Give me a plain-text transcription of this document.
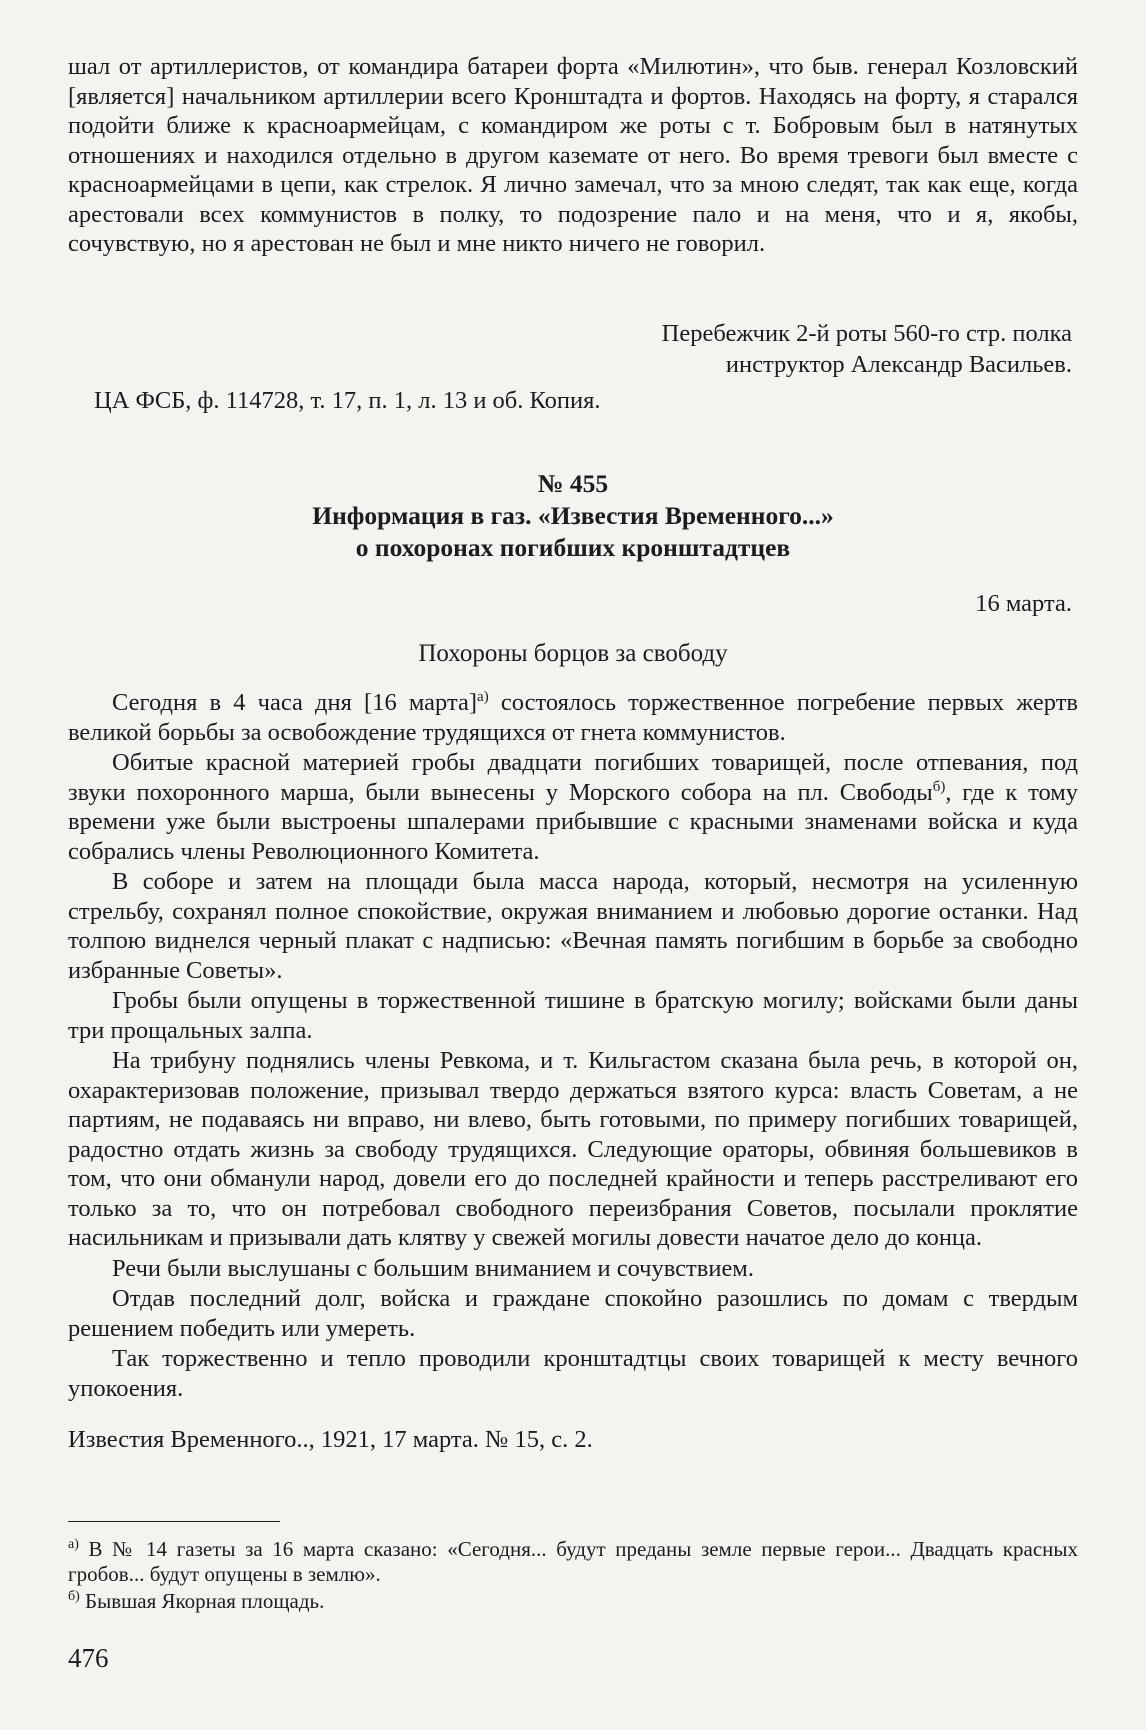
шал от артиллеристов, от командира батареи форта «Милютин», что быв. генерал Козловский [является] начальником артиллерии всего Кронштадта и фортов. Находясь на форту, я старался подойти ближе к красноармейцам, с командиром же роты с т. Бобровым был в натянутых отношениях и находился отдельно в другом каземате от него. Во время тревоги был вместе с красноармейцами в цепи, как стрелок. Я лично замечал, что за мною следят, так как еще, когда арестовали всех коммунистов в полку, то подозрение пало и на меня, что и я, якобы, сочувствую, но я арестован не был и мне никто ничего не говорил.

Перебежчик 2-й роты 560-го стр. полка
инструктор Александр Васильев.
ЦА ФСБ, ф. 114728, т. 17, п. 1, л. 13 и об. Копия.
№ 455
Информация в газ. «Известия Временного...»
о похоронах погибших кронштадтцев
16 марта.
Похороны борцов за свободу

Сегодня в 4 часа дня [16 марта]$^{а)}$ состоялось торжественное погребение первых жертв великой борьбы за освобождение трудящихся от гнета коммунистов.

Обитые красной материей гробы двадцати погибших товарищей, после отпевания, под звуки похоронного марша, были вынесены у Морского собора на пл. Свободы$^{б)}$, где к тому времени уже были выстроены шпалерами прибывшие с красными знаменами войска и куда собрались члены Революционного Комитета.

В соборе и затем на площади была масса народа, который, несмотря на усиленную стрельбу, сохранял полное спокойствие, окружая вниманием и любовью дорогие останки. Над толпою виднелся черный плакат с надписью: «Вечная память погибшим в борьбе за свободно избранные Советы».

Гробы были опущены в торжественной тишине в братскую могилу; войсками были даны три прощальных залпа.

На трибуну поднялись члены Ревкома, и т. Кильгастом сказана была речь, в которой он, охарактеризовав положение, призывал твердо держаться взятого курса: власть Советам, а не партиям, не подаваясь ни вправо, ни влево, быть готовыми, по примеру погибших товарищей, радостно отдать жизнь за свободу трудящихся. Следующие ораторы, обвиняя большевиков в том, что они обманули народ, довели его до последней крайности и теперь расстреливают его только за то, что он потребовал свободного переизбрания Советов, посылали проклятие насильникам и призывали дать клятву у свежей могилы довести начатое дело до конца.

Речи были выслушаны с большим вниманием и сочувствием.

Отдав последний долг, войска и граждане спокойно разошлись по домам с твердым решением победить или умереть.

Так торжественно и тепло проводили кронштадтцы своих товарищей к месту вечного упокоения.

Известия Временного.., 1921, 17 марта. № 15, с. 2.

$^{а)}$ В № 14 газеты за 16 марта сказано: «Сегодня... будут преданы земле первые герои... Двадцать красных гробов... будут опущены в землю».

$^{б)}$ Бывшая Якорная площадь.

476
